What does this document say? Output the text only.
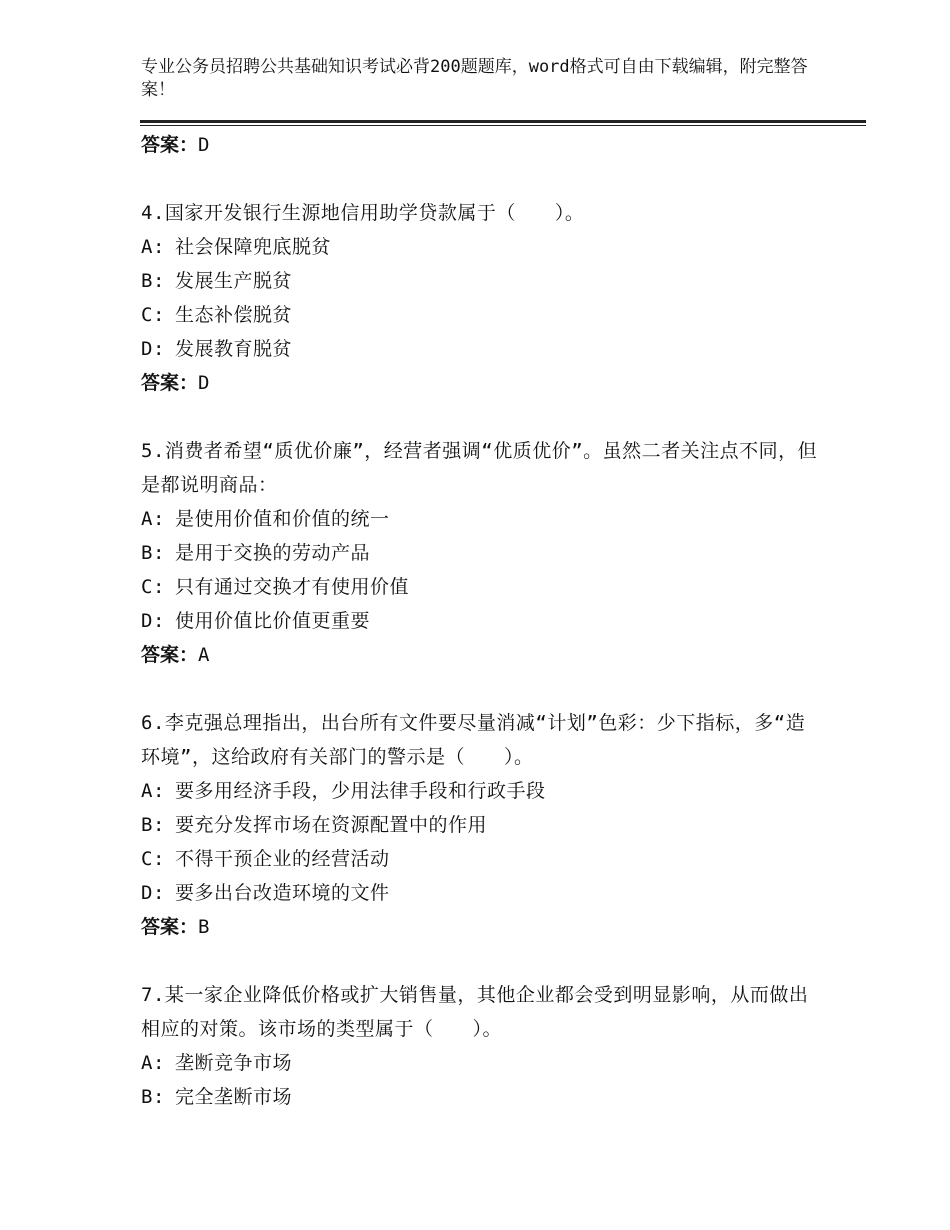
专业公务员招聘公共基础知识考试必背200题题库，word格式可自由下载编辑，附完整答案！
答案：D
4.国家开发银行生源地信用助学贷款属于（　　）。
A: 社会保障兜底脱贫
B: 发展生产脱贫
C: 生态补偿脱贫
D: 发展教育脱贫
答案：D
5.消费者希望“质优价廉”，经营者强调“优质优价”。虽然二者关注点不同，但是都说明商品：
A: 是使用价值和价值的统一
B: 是用于交换的劳动产品
C: 只有通过交换才有使用价值
D: 使用价值比价值更重要
答案：A
6.李克强总理指出，出台所有文件要尽量消减“计划”色彩：少下指标，多“造环境”，这给政府有关部门的警示是（　　）。
A: 要多用经济手段，少用法律手段和行政手段
B: 要充分发挥市场在资源配置中的作用
C: 不得干预企业的经营活动
D: 要多出台改造环境的文件
答案：B
7.某一家企业降低价格或扩大销售量，其他企业都会受到明显影响，从而做出相应的对策。该市场的类型属于（　　）。
A: 垄断竞争市场
B: 完全垄断市场
